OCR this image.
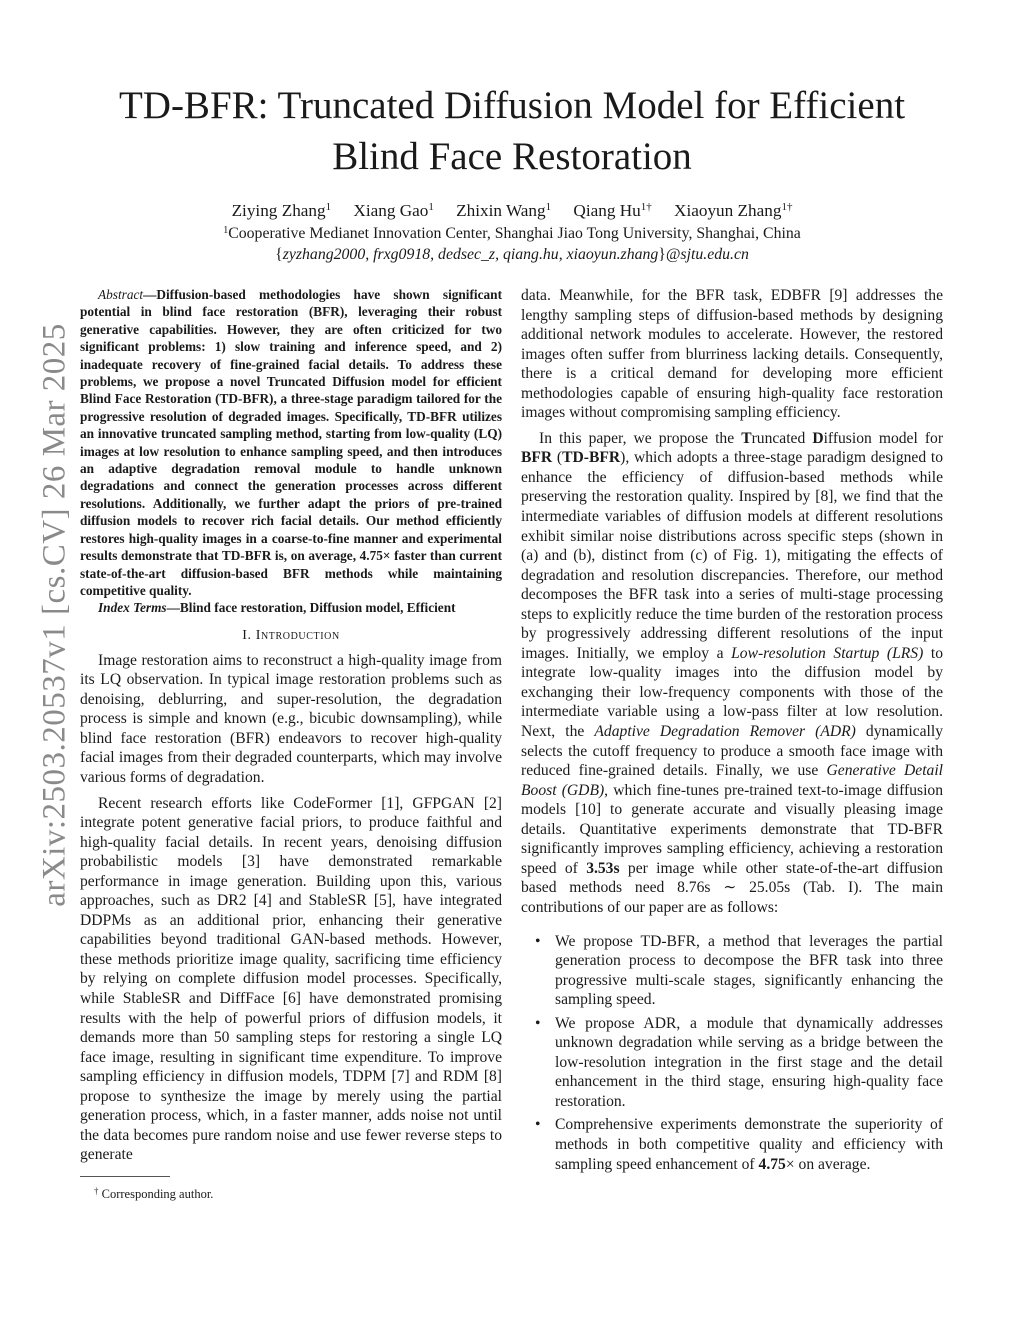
arXiv:2503.20537v1 [cs.CV] 26 Mar 2025
TD-BFR: Truncated Diffusion Model for Efficient
Blind Face Restoration
Ziying Zhang$^1$ Xiang Gao$^1$ Zhixin Wang$^1$ Qiang $Hu^{1\dagger}$ Xiaoyun Zhang$^{1\dagger}$
$^1$Cooperative Medianet Innovation Center, Shanghai Jiao Tong University, Shanghai, China
{zyzhang2000, frxg0918, dedsec_z, qiang.hu, xiaoyun.zhang}@sjtu.edu.cn

Abstract—Diffusion-based methodologies have shown significant potential in blind face restoration (BFR), leveraging their robust generative capabilities. However, they are often criticized for two significant problems: 1) slow training and inference speed, and 2) inadequate recovery of fine-grained facial details. To address these problems, we propose a novel Truncated Diffusion model for efficient Blind Face Restoration (TD-BFR), a three-stage paradigm tailored for the progressive resolution of degraded images. Specifically, TD-BFR utilizes an innovative truncated sampling method, starting from low-quality (LQ) images at low resolution to enhance sampling speed, and then introduces an adaptive degradation removal module to handle unknown degradations and connect the generation processes across different resolutions. Additionally, we further adapt the priors of pre-trained diffusion models to recover rich facial details. Our method efficiently restores high-quality images in a coarse-to-fine manner and experimental results demonstrate that TD-BFR is, on average, 4.75× faster than current state-of-the-art diffusion-based BFR methods while maintaining competitive quality.

Index Terms—Blind face restoration, Diffusion model, Efficient

I. Introduction

Image restoration aims to reconstruct a high-quality image from its LQ observation. In typical image restoration problems such as denoising, deblurring, and super-resolution, the degradation process is simple and known (e.g., bicubic downsampling), while blind face restoration (BFR) endeavors to recover high-quality facial images from their degraded counterparts, which may involve various forms of degradation.

Recent research efforts like CodeFormer [1], GFPGAN [2] integrate potent generative facial priors, to produce faithful and high-quality facial details. In recent years, denoising diffusion probabilistic models [3] have demonstrated remarkable performance in image generation. Building upon this, various approaches, such as DR2 [4] and StableSR [5], have integrated DDPMs as an additional prior, enhancing their generative capabilities beyond traditional GAN-based methods. However, these methods prioritize image quality, sacrificing time efficiency by relying on complete diffusion model processes. Specifically, while StableSR and DiffFace [6] have demonstrated promising results with the help of powerful priors of diffusion models, it demands more than 50 sampling steps for restoring a single LQ face image, resulting in significant time expenditure. To improve sampling efficiency in diffusion models, TDPM [7] and RDM [8] propose to synthesize the image by merely using the partial generation process, which, in a faster manner, adds noise not until the data becomes pure random noise and use fewer reverse steps to generate

data. Meanwhile, for the BFR task, EDBFR [9] addresses the lengthy sampling steps of diffusion-based methods by designing additional network modules to accelerate. However, the restored images often suffer from blurriness lacking details. Consequently, there is a critical demand for developing more efficient methodologies capable of ensuring high-quality face restoration images without compromising sampling efficiency.

In this paper, we propose the Truncated Diffusion model for BFR (TD-BFR), which adopts a three-stage paradigm designed to enhance the efficiency of diffusion-based methods while preserving the restoration quality. Inspired by [8], we find that the intermediate variables of diffusion models at different resolutions exhibit similar noise distributions across specific steps (shown in (a) and (b), distinct from (c) of Fig. 1), mitigating the effects of degradation and resolution discrepancies. Therefore, our method decomposes the BFR task into a series of multi-stage processing steps to explicitly reduce the time burden of the restoration process by progressively addressing different resolutions of the input images. Initially, we employ a Low-resolution Startup (LRS) to integrate low-quality images into the diffusion model by exchanging their low-frequency components with those of the intermediate variable using a low-pass filter at low resolution. Next, the Adaptive Degradation Remover (ADR) dynamically selects the cutoff frequency to produce a smooth face image with reduced fine-grained details. Finally, we use Generative Detail Boost (GDB), which fine-tunes pre-trained text-to-image diffusion models [10] to generate accurate and visually pleasing image details. Quantitative experiments demonstrate that TD-BFR significantly improves sampling efficiency, achieving a restoration speed of 3.53s per image while other state-of-the-art diffusion based methods need 8.76s ∼ 25.05s (Tab. I). The main contributions of our paper are as follows:

• We propose TD-BFR, a method that leverages the partial generation process to decompose the BFR task into three progressive multi-scale stages, significantly enhancing the sampling speed.
• We propose ADR, a module that dynamically addresses unknown degradation while serving as a bridge between the low-resolution integration in the first stage and the detail enhancement in the third stage, ensuring high-quality face restoration.
• Comprehensive experiments demonstrate the superiority of methods in both competitive quality and efficiency with sampling speed enhancement of 4.75× on average.
† Corresponding author.
